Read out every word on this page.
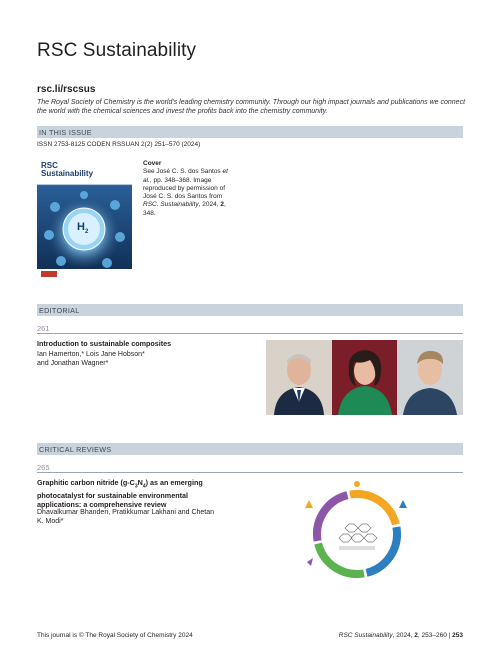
RSC Sustainability
rsc.li/rscsus
The Royal Society of Chemistry is the world's leading chemistry community. Through our high impact journals and publications we connect the world with the chemical sciences and invest the profits back into the chemistry community.
IN THIS ISSUE
ISSN 2753-8125 CODEN RSSUAN 2(2) 251–570 (2024)
RSC
Sustainability
$H_2$
Cover
See José C. S. dos Santos et al., pp. 348–368. Image reproduced by permission of José C. S. dos Santos from RSC. Sustainability, 2024, 2, 348.
EDITORIAL
261
Introduction to sustainable composites
Ian Hamerton,* Lois Jane Hobson*
and Jonathan Wagner*
CRITICAL REVIEWS
265
Graphitic carbon nitride $(g-C_3N_4)$ as an emerging
photocatalyst for sustainable environmental
applications: a comprehensive review
Dhavalkumar Bhanderi, Pratikkumar Lakhani and Chetan
K. Modi*
This journal is © The Royal Society of Chemistry 2024	RSC Sustainability, 2024, 2, 253–260 | 253
